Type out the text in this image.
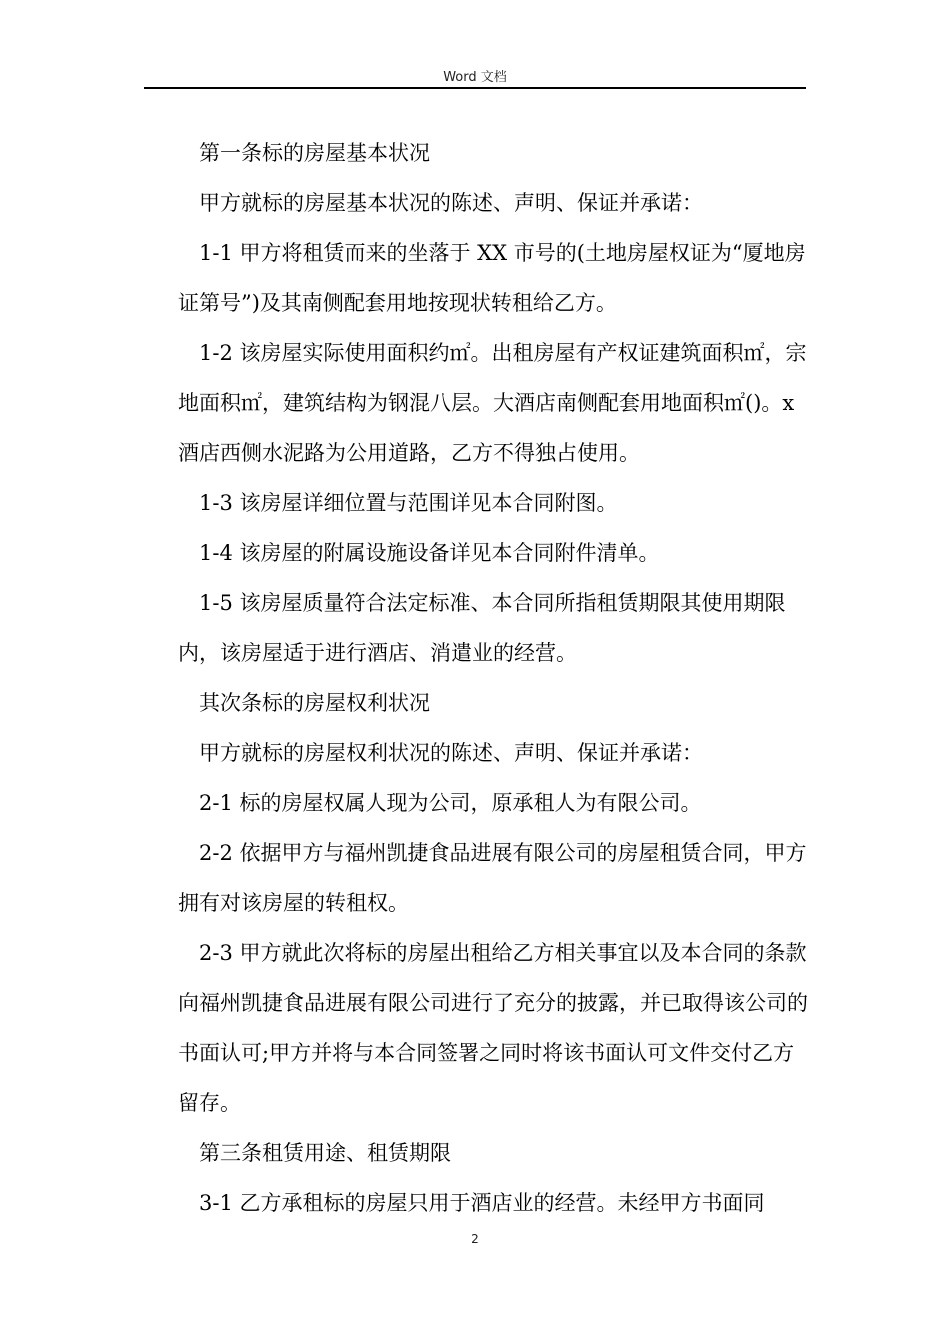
Word 文档

第一条标的房屋基本状况

甲方就标的房屋基本状况的陈述、声明、保证并承诺：

1-1 甲方将租赁而来的坐落于 XX 市号的(土地房屋权证为“厦地房证第号”)及其南侧配套用地按现状转租给乙方。

1-2 该房屋实际使用面积约㎡。出租房屋有产权证建筑面积㎡，宗地面积㎡，建筑结构为钢混八层。大酒店南侧配套用地面积㎡()。x 酒店西侧水泥路为公用道路，乙方不得独占使用。

1-3 该房屋详细位置与范围详见本合同附图。

1-4 该房屋的附属设施设备详见本合同附件清单。

1-5 该房屋质量符合法定标准、本合同所指租赁期限其使用期限内，该房屋适于进行酒店、消遣业的经营。

其次条标的房屋权利状况

甲方就标的房屋权利状况的陈述、声明、保证并承诺：

2-1 标的房屋权属人现为公司，原承租人为有限公司。

2-2 依据甲方与福州凯捷食品进展有限公司的房屋租赁合同，甲方拥有对该房屋的转租权。

2-3 甲方就此次将标的房屋出租给乙方相关事宜以及本合同的条款向福州凯捷食品进展有限公司进行了充分的披露，并已取得该公司的书面认可;甲方并将与本合同签署之同时将该书面认可文件交付乙方留存。

第三条租赁用途、租赁期限

3-1 乙方承租标的房屋只用于酒店业的经营。未经甲方书面同

2
